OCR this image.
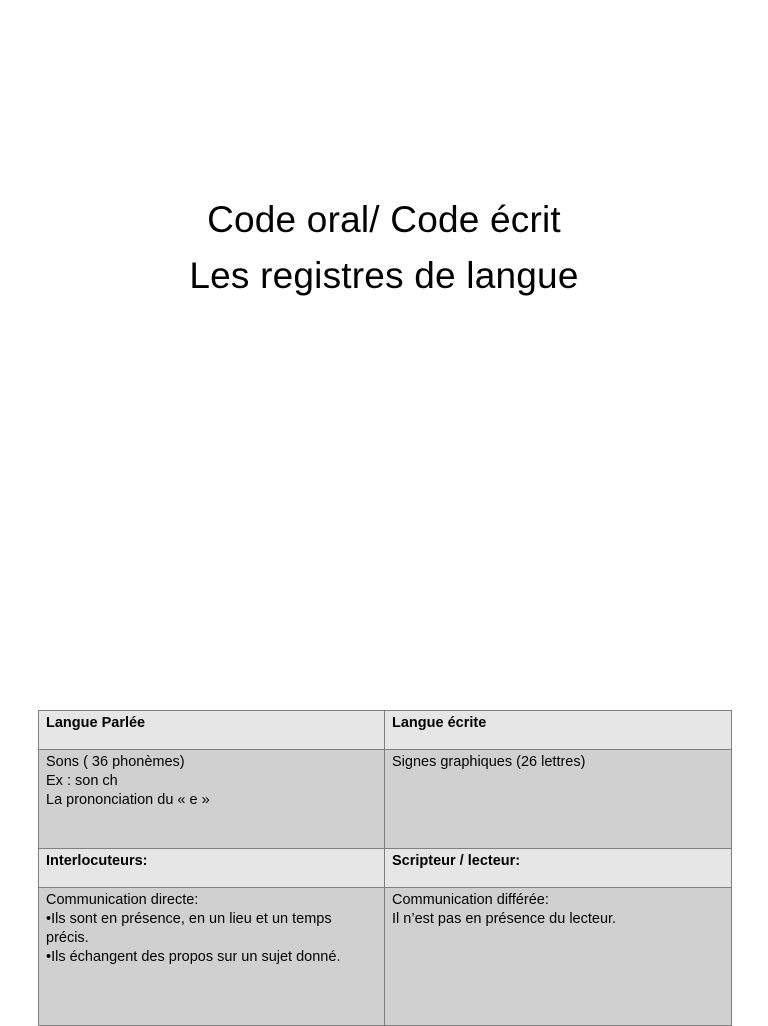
Code oral/ Code écrit
Les registres de langue
Langue Parlée	Langue écrite

Sons ( 36 phonèmes)
Ex : son ch
La prononciation du « e »	Signes graphiques (26 lettres)

Interlocuteurs:	Scripteur / lecteur:

Communication directe:
•Ils sont en présence, en un lieu et un temps précis.
•Ils échangent des propos sur un sujet donné.	Communication différée:
Il n’est pas en présence du lecteur.
